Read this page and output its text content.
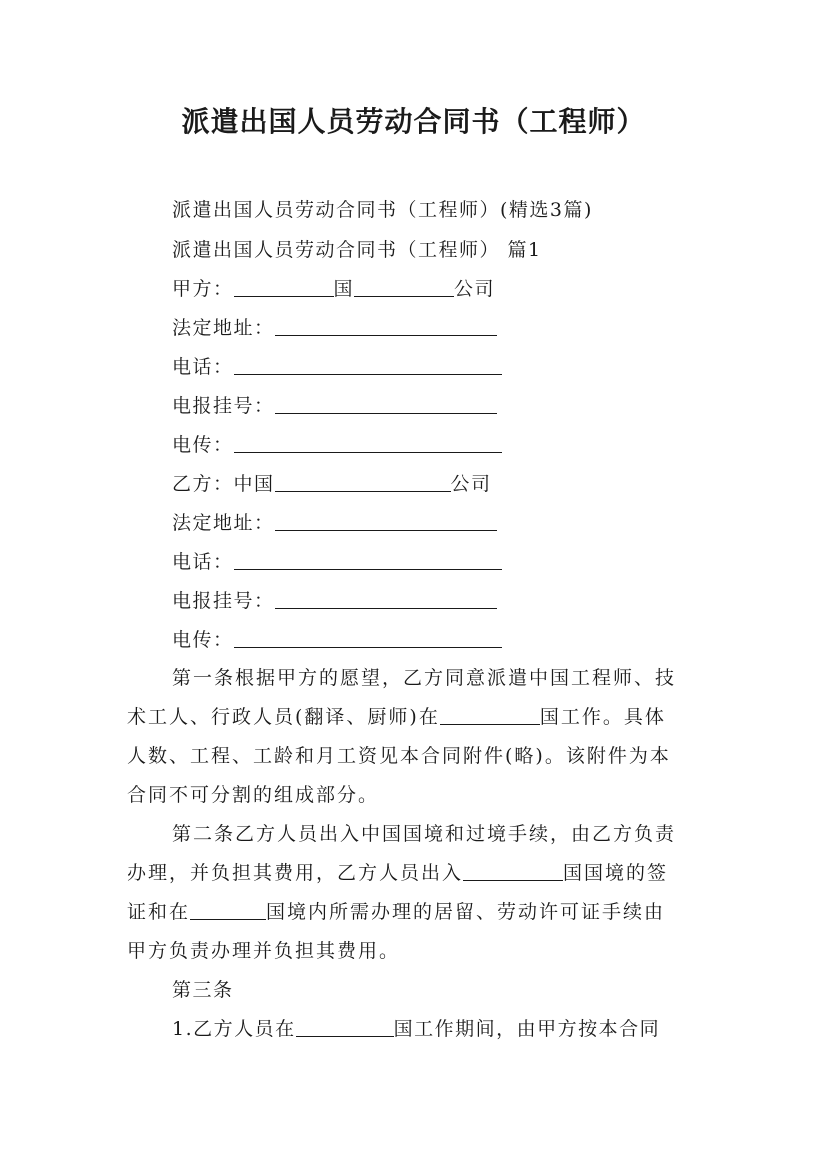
派遣出国人员劳动合同书（工程师）
派遣出国人员劳动合同书（工程师）(精选3篇)
派遣出国人员劳动合同书（工程师） 篇1
甲方：	国	公司
法定地址：
电话：
电报挂号：
电传：
乙方：中国	公司
法定地址：
电话：
电报挂号：
电传：
第一条根据甲方的愿望，乙方同意派遣中国工程师、技
术工人、行政人员(翻译、厨师)在	国工作。具体
人数、工程、工龄和月工资见本合同附件(略)。该附件为本
合同不可分割的组成部分。
第二条乙方人员出入中国国境和过境手续，由乙方负责
办理，并负担其费用，乙方人员出入	国国境的签
证和在	国境内所需办理的居留、劳动许可证手续由
甲方负责办理并负担其费用。
第三条
1.乙方人员在	国工作期间，由甲方按本合同
